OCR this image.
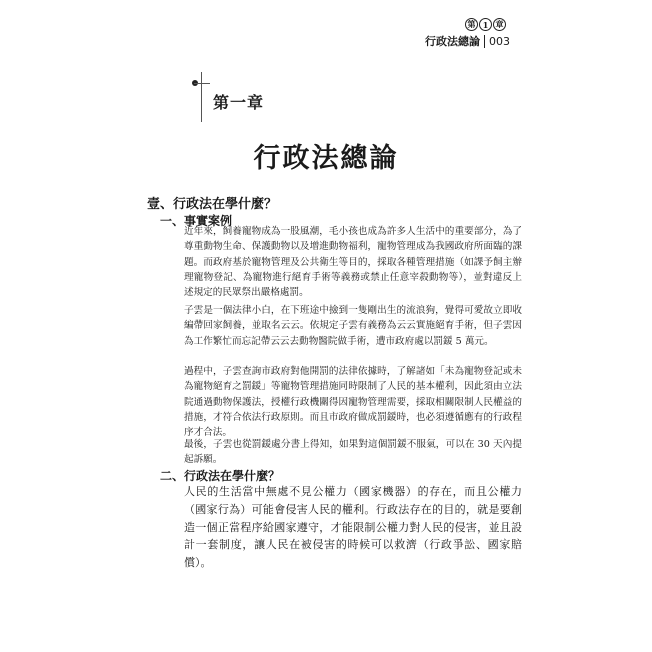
第 1 章
行政法總論 003
第一章
行政法總論
壹、行政法在學什麼？
一、事實案例

近年來，飼養寵物成為一股風潮，毛小孩也成為許多人生活中的重要部分，為了尊重動物生命、保護動物以及增進動物福利，寵物管理成為我國政府所面臨的課題。而政府基於寵物管理及公共衛生等目的，採取各種管理措施（如課予飼主辦理寵物登記、為寵物進行絕育手術等義務或禁止任意宰殺動物等），並對違反上述規定的民眾祭出嚴格處罰。

子雲是一個法律小白，在下班途中撿到一隻剛出生的流浪狗，覺得可愛故立即收編帶回家飼養，並取名云云。依規定子雲有義務為云云實施絕育手術，但子雲因為工作繁忙而忘記帶云云去動物醫院做手術，遭市政府處以罰鍰 5 萬元。

過程中，子雲查詢市政府對他開罰的法律依據時，了解諸如「未為寵物登記或未為寵物絕育之罰鍰」等寵物管理措施同時限制了人民的基本權利，因此須由立法院通過動物保護法，授權行政機關得因寵物管理需要，採取相關限制人民權益的措施，才符合依法行政原則。而且市政府做成罰鍰時，也必須遵循應有的行政程序才合法。

最後，子雲也從罰鍰處分書上得知，如果對這個罰鍰不服氣，可以在 30 天內提起訴願。

二、行政法在學什麼？

人民的生活當中無處不見公權力（國家機器）的存在，而且公權力（國家行為）可能會侵害人民的權利。行政法存在的目的，就是要創造一個正當程序給國家遵守，才能限制公權力對人民的侵害，並且設計一套制度，讓人民在被侵害的時候可以救濟（行政爭訟、國家賠償）。
